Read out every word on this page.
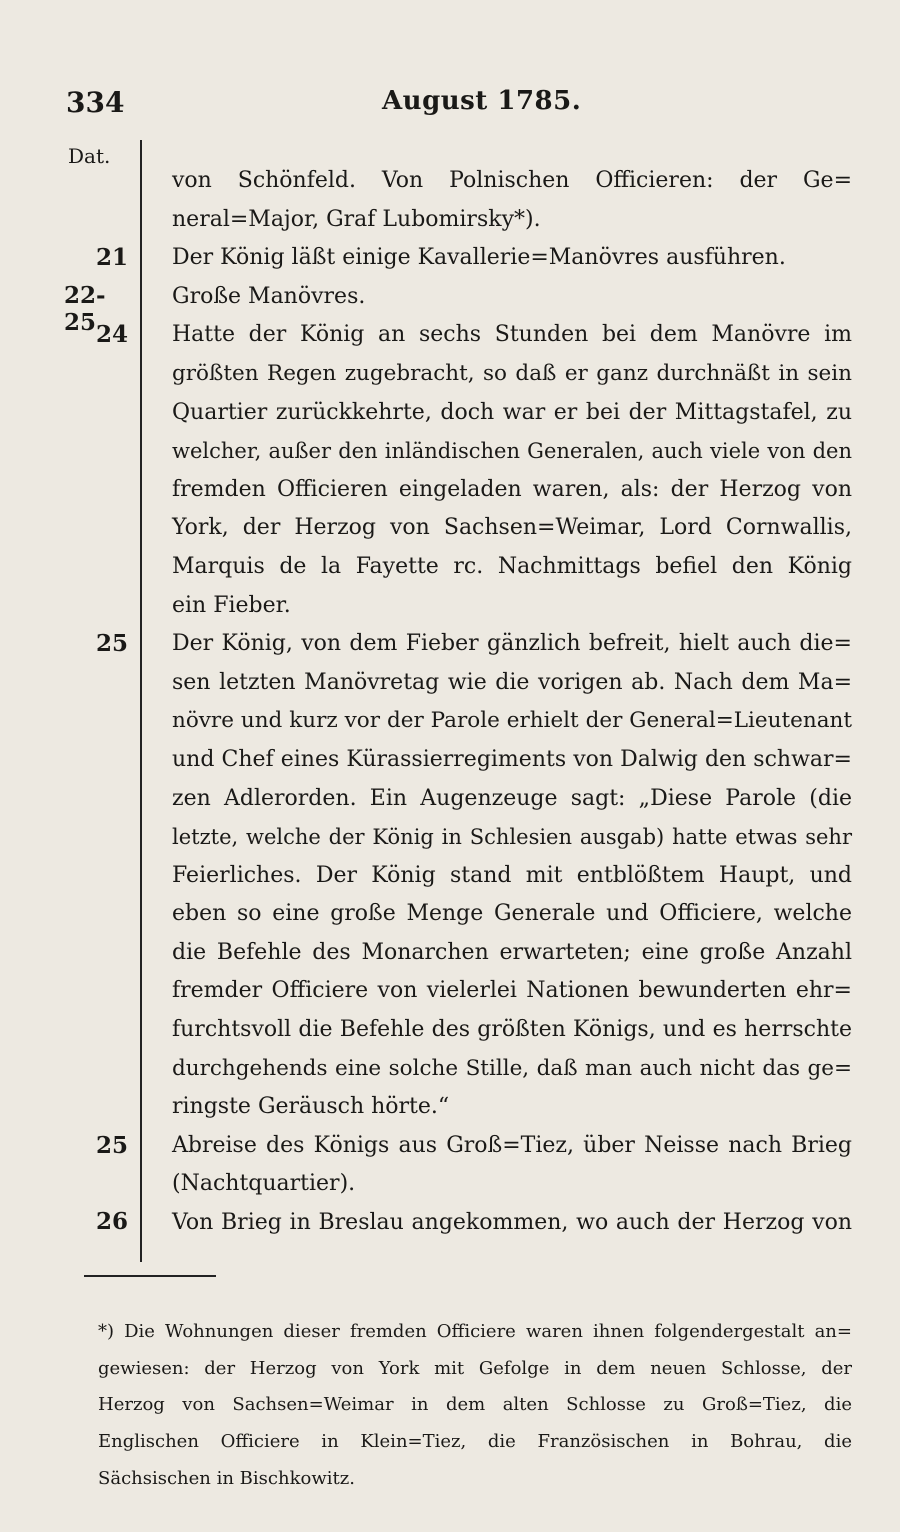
334	August 1785.
Dat.
21
22-25 24
25
25
26
von Schönfeld. Von Polnischen Officieren: der Ge=
neral=Major, Graf Lubomirsky*).
Der König läßt einige Kavallerie=Manövres ausführen.
Große Manövres.
Hatte der König an sechs Stunden bei dem Manövre im
größten Regen zugebracht, so daß er ganz durchnäßt in sein
Quartier zurückkehrte, doch war er bei der Mittagstafel, zu
welcher, außer den inländischen Generalen, auch viele von den
fremden Officieren eingeladen waren, als: der Herzog von
York, der Herzog von Sachsen=Weimar, Lord Cornwallis,
Marquis de la Fayette rc. Nachmittags befiel den König
ein Fieber.
Der König, von dem Fieber gänzlich befreit, hielt auch die=
sen letzten Manövretag wie die vorigen ab. Nach dem Ma=
növre und kurz vor der Parole erhielt der General=Lieutenant
und Chef eines Kürassierregiments von Dalwig den schwar=
zen Adlerorden. Ein Augenzeuge sagt: „Diese Parole (die
letzte, welche der König in Schlesien ausgab) hatte etwas sehr
Feierliches. Der König stand mit entblößtem Haupt, und
eben so eine große Menge Generale und Officiere, welche
die Befehle des Monarchen erwarteten; eine große Anzahl
fremder Officiere von vielerlei Nationen bewunderten ehr=
furchtsvoll die Befehle des größten Königs, und es herrschte
durchgehends eine solche Stille, daß man auch nicht das ge=
ringste Geräusch hörte.“
Abreise des Königs aus Groß=Tiez, über Neisse nach Brieg
(Nachtquartier).
Von Brieg in Breslau angekommen, wo auch der Herzog von
*) Die Wohnungen dieser fremden Officiere waren ihnen folgendergestalt an=
gewiesen: der Herzog von York mit Gefolge in dem neuen Schlosse, der
Herzog von Sachsen=Weimar in dem alten Schlosse zu Groß=Tiez, die
Englischen Officiere in Klein=Tiez, die Französischen in Bohrau, die
Sächsischen in Bischkowitz.
